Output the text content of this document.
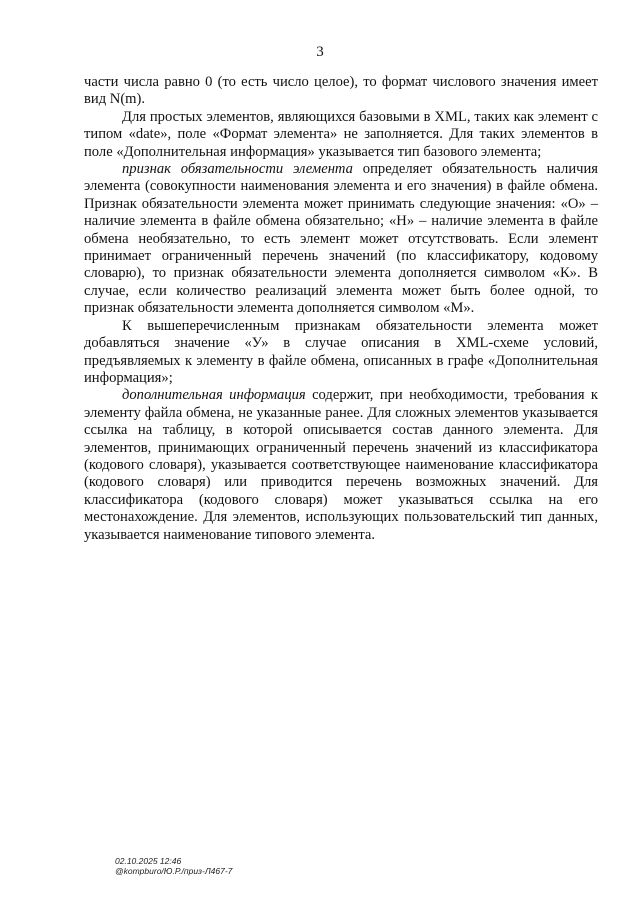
3

части числа равно 0 (то есть число целое), то формат числового значения имеет вид N(m).

Для простых элементов, являющихся базовыми в XML, таких как элемент с типом «date», поле «Формат элемента» не заполняется. Для таких элементов в поле «Дополнительная информация» указывается тип базового элемента;

признак обязательности элемента определяет обязательность наличия элемента (совокупности наименования элемента и его значения) в файле обмена. Признак обязательности элемента может принимать следующие значения: «О» – наличие элемента в файле обмена обязательно; «Н» – наличие элемента в файле обмена необязательно, то есть элемент может отсутствовать. Если элемент принимает ограниченный перечень значений (по классификатору, кодовому словарю), то признак обязательности элемента дополняется символом «К». В случае, если количество реализаций элемента может быть более одной, то признак обязательности элемента дополняется символом «М».

К вышеперечисленным признакам обязательности элемента может добавляться значение «У» в случае описания в XML-схеме условий, предъявляемых к элементу в файле обмена, описанных в графе «Дополнительная информация»;

дополнительная информация содержит, при необходимости, требования к элементу файла обмена, не указанные ранее. Для сложных элементов указывается ссылка на таблицу, в которой описывается состав данного элемента. Для элементов, принимающих ограниченный перечень значений из классификатора (кодового словаря), указывается соответствующее наименование классификатора (кодового словаря) или приводится перечень возможных значений. Для классификатора (кодового словаря) может указываться ссылка на его местонахождение. Для элементов, использующих пользовательский тип данных, указывается наименование типового элемента.

02.10.2025 12:46
@kompburo/Ю.Р./приз-Л467-7
